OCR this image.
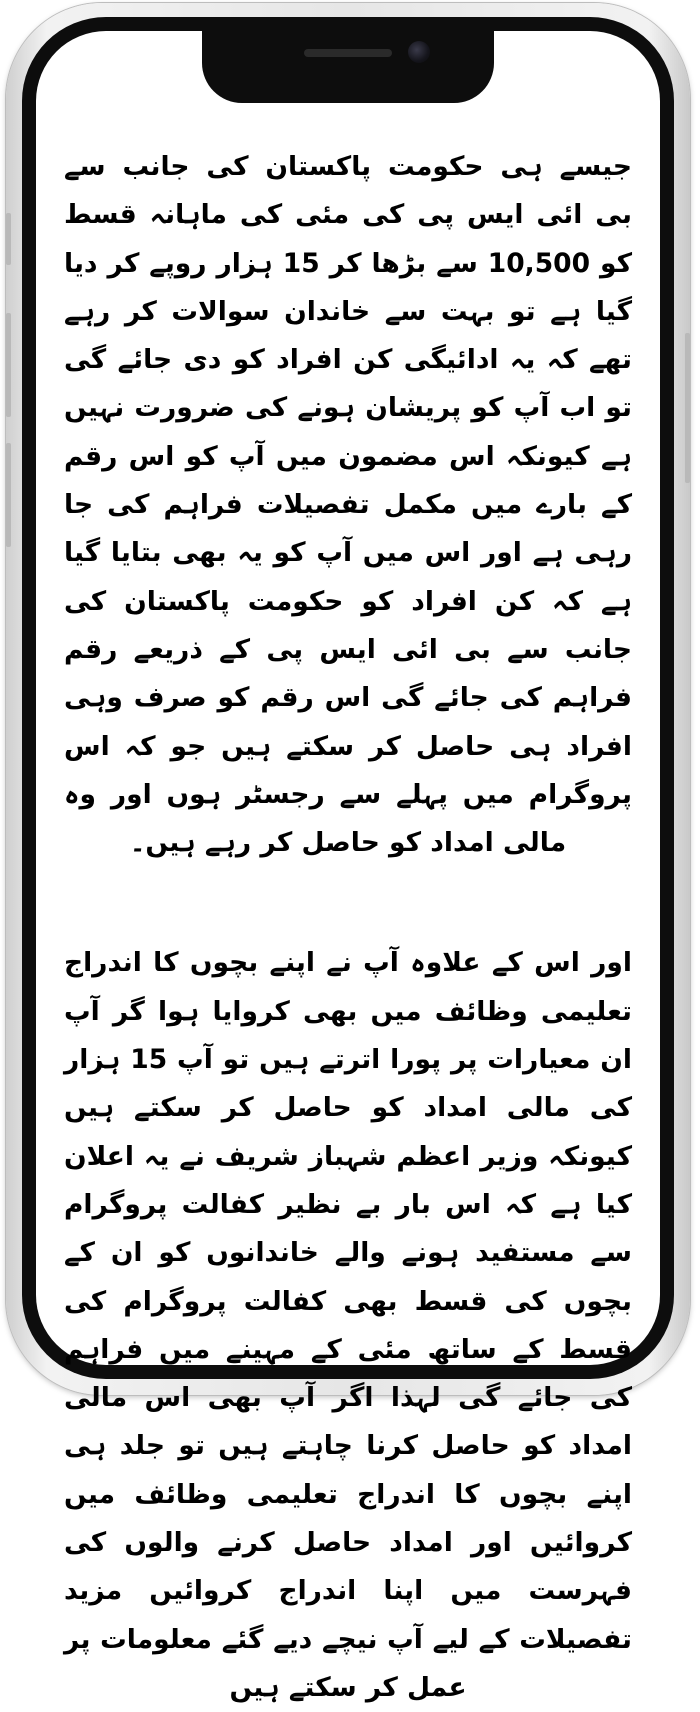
جیسے ہی حکومت پاکستان کی جانب سے بی ائی ایس پی کی مئی کی ماہانہ قسط کو 10,500 سے بڑھا کر 15 ہزار روپے کر دیا گیا ہے تو بہت سے خاندان سوالات کر رہے تھے کہ یہ ادائیگی کن افراد کو دی جائے گی تو اب آپ کو پریشان ہونے کی ضرورت نہیں ہے کیونکہ اس مضمون میں آپ کو اس رقم کے بارے میں مکمل تفصیلات فراہم کی جا رہی ہے اور اس میں آپ کو یہ بھی بتایا گیا ہے کہ کن افراد کو حکومت پاکستان کی جانب سے بی ائی ایس پی کے ذریعے رقم فراہم کی جائے گی اس رقم کو صرف وہی افراد ہی حاصل کر سکتے ہیں جو کہ اس پروگرام میں پہلے سے رجسٹر ہوں اور وہ مالی امداد کو حاصل کر رہے ہیں۔

اور اس کے علاوہ آپ نے اپنے بچوں کا اندراج تعلیمی وظائف میں بھی کروایا ہوا گر آپ ان معیارات پر پورا اترتے ہیں تو آپ 15 ہزار کی مالی امداد کو حاصل کر سکتے ہیں کیونکہ وزیر اعظم شہباز شریف نے یہ اعلان کیا ہے کہ اس بار بے نظیر کفالت پروگرام سے مستفید ہونے والے خاندانوں کو ان کے بچوں کی قسط بھی کفالت پروگرام کی قسط کے ساتھ مئی کے مہینے میں فراہم کی جائے گی لہذا اگر آپ بھی اس مالی امداد کو حاصل کرنا چاہتے ہیں تو جلد ہی اپنے بچوں کا اندراج تعلیمی وظائف میں کروائیں اور امداد حاصل کرنے والوں کی فہرست میں اپنا اندراج کروائیں مزید تفصیلات کے لیے آپ نیچے دیے گئے معلومات پر عمل کر سکتے ہیں
